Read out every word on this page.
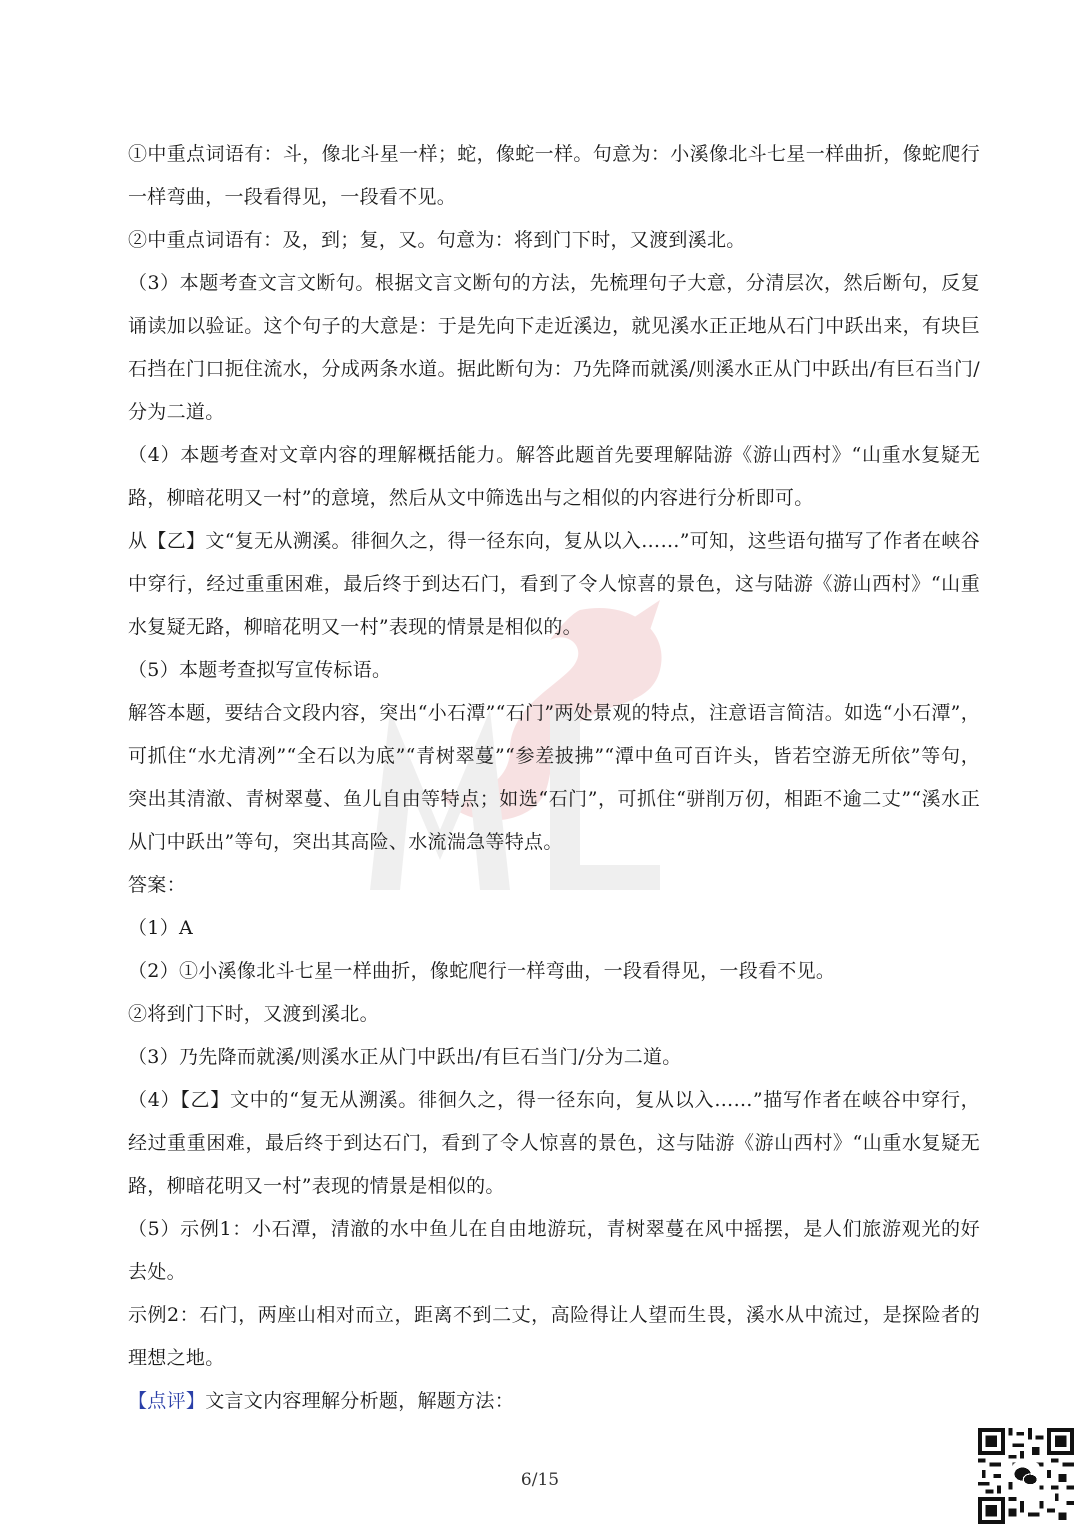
①中重点词语有：斗，像北斗星一样；蛇，像蛇一样。句意为：小溪像北斗七星一样曲折，像蛇爬行一样弯曲，一段看得见，一段看不见。

②中重点词语有：及，到；复，又。句意为：将到门下时，又渡到溪北。

（3）本题考查文言文断句。根据文言文断句的方法，先梳理句子大意，分清层次，然后断句，反复诵读加以验证。这个句子的大意是：于是先向下走近溪边，就见溪水正正地从石门中跃出来，有块巨石挡在门口扼住流水，分成两条水道。据此断句为：乃先降而就溪/则溪水正从门中跃出/有巨石当门/分为二道。

（4）本题考查对文章内容的理解概括能力。解答此题首先要理解陆游《游山西村》“山重水复疑无路，柳暗花明又一村”的意境，然后从文中筛选出与之相似的内容进行分析即可。

从【乙】文“复无从溯溪。徘徊久之，得一径东向，复从以入……”可知，这些语句描写了作者在峡谷中穿行，经过重重困难，最后终于到达石门，看到了令人惊喜的景色，这与陆游《游山西村》“山重水复疑无路，柳暗花明又一村”表现的情景是相似的。

（5）本题考查拟写宣传标语。

解答本题，要结合文段内容，突出“小石潭”“石门”两处景观的特点，注意语言简洁。如选“小石潭”，可抓住“水尤清冽”“全石以为底”“青树翠蔓”“参差披拂”“潭中鱼可百许头，皆若空游无所依”等句，突出其清澈、青树翠蔓、鱼儿自由等特点；如选“石门”，可抓住“骈削万仞，相距不逾二丈”“溪水正从门中跃出”等句，突出其高险、水流湍急等特点。

答案：

（1）A

（2）①小溪像北斗七星一样曲折，像蛇爬行一样弯曲，一段看得见，一段看不见。

②将到门下时，又渡到溪北。

（3）乃先降而就溪/则溪水正从门中跃出/有巨石当门/分为二道。

（4）【乙】文中的“复无从溯溪。徘徊久之，得一径东向，复从以入……”描写作者在峡谷中穿行，经过重重困难，最后终于到达石门，看到了令人惊喜的景色，这与陆游《游山西村》“山重水复疑无路，柳暗花明又一村”表现的情景是相似的。

（5）示例1：小石潭，清澈的水中鱼儿在自由地游玩，青树翠蔓在风中摇摆，是人们旅游观光的好去处。

示例2：石门，两座山相对而立，距离不到二丈，高险得让人望而生畏，溪水从中流过，是探险者的理想之地。

【点评】文言文内容理解分析题，解题方法：

6/15
